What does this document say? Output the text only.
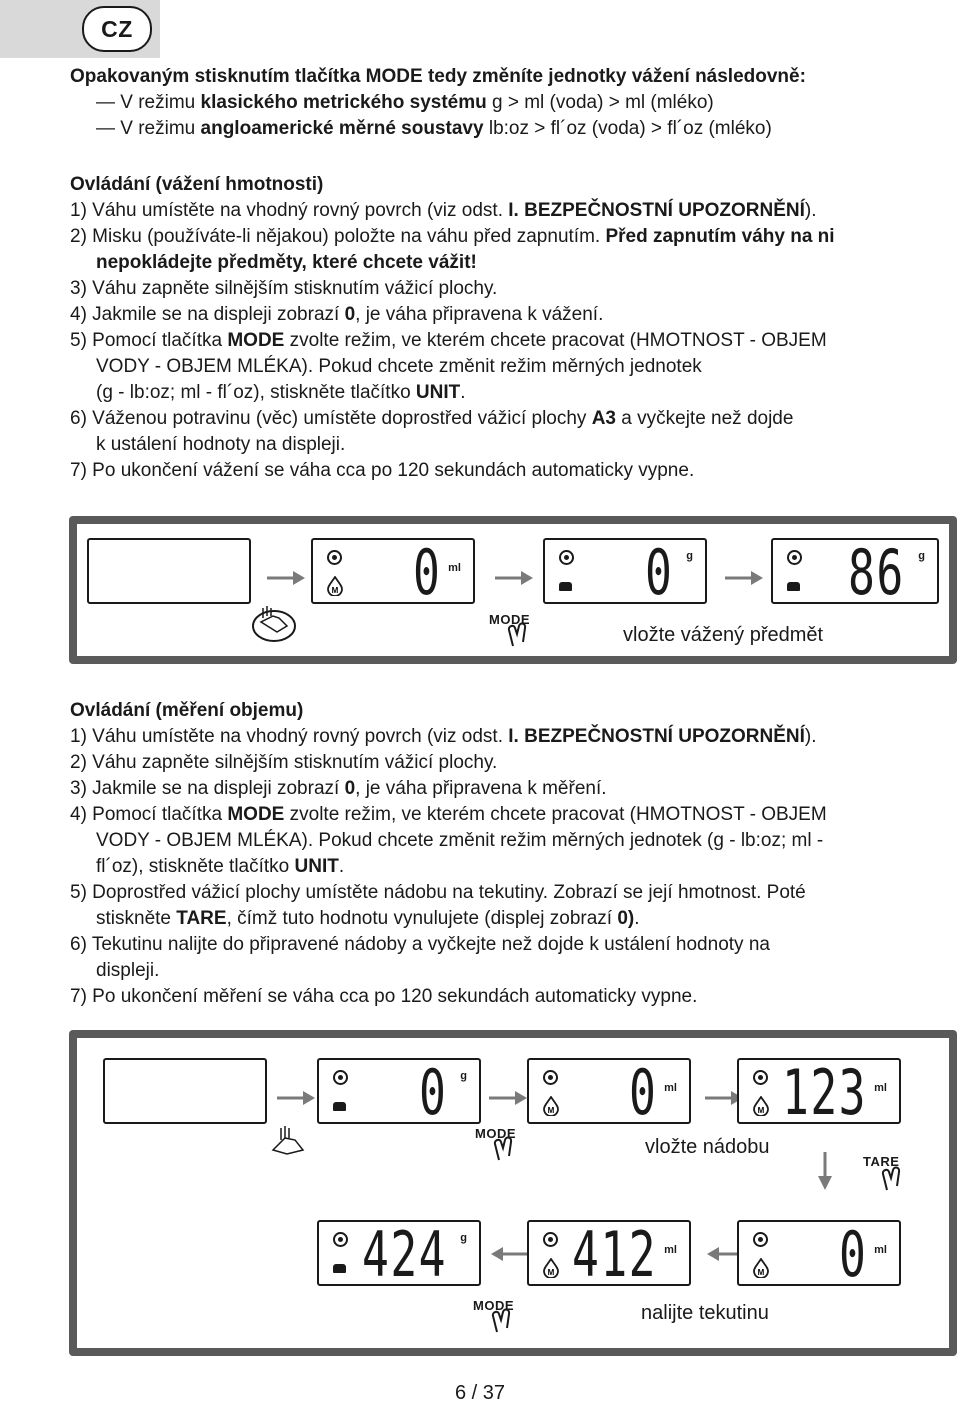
CZ

Opakovaným stisknutím tlačítka MODE tedy změníte jednotky vážení následovně:

— V režimu klasického metrického systému g > ml (voda) > ml (mléko)

— V režimu angloamerické měrné soustavy lb:oz > fl´oz (voda) > fl´oz (mléko)

Ovládání (vážení hmotnosti)

1) Váhu umístěte na vhodný rovný povrch (viz odst. I. BEZPEČNOSTNÍ UPOZORNĚNÍ).

2) Misku (používáte-li nějakou) položte na váhu před zapnutím. Před zapnutím váhy na ni

nepokládejte předměty, které chcete vážit!

3) Váhu zapněte silnějším stisknutím vážicí plochy.

4) Jakmile se na displeji zobrazí 0, je váha připravena k vážení.

5) Pomocí tlačítka MODE zvolte režim, ve kterém chcete pracovat (HMOTNOST - OBJEM

VODY - OBJEM MLÉKA). Pokud chcete změnit režim měrných jednotek

(g - lb:oz; ml - fl´oz), stiskněte tlačítko UNIT.

6) Váženou potravinu (věc) umístěte doprostřed vážicí plochy A3 a vyčkejte než dojde

k ustálení hodnoty na displeji.

7) Po ukončení vážení se váha cca po 120 sekundách automaticky vypne.

M 0 ml
MODE
0 g	86 g
vložte vážený předmět

Ovládání (měření objemu)

1) Váhu umístěte na vhodný rovný povrch (viz odst. I. BEZPEČNOSTNÍ UPOZORNĚNÍ).

2) Váhu zapněte silnějším stisknutím vážicí plochy.

3) Jakmile se na displeji zobrazí 0, je váha připravena k měření.

4) Pomocí tlačítka MODE zvolte režim, ve kterém chcete pracovat (HMOTNOST - OBJEM

VODY - OBJEM MLÉKA). Pokud chcete změnit režim měrných jednotek (g - lb:oz; ml -

fl´oz), stiskněte tlačítko UNIT.

5) Doprostřed vážicí plochy umístěte nádobu na tekutiny. Zobrazí se její hmotnost. Poté

stiskněte TARE, čímž tuto hodnotu vynulujete (displej zobrazí 0).

6) Tekutinu nalijte do připravené nádoby a vyčkejte než dojde k ustálení hodnoty na

displeji.

7) Po ukončení měření se váha cca po 120 sekundách automaticky vypne.

0 g
MODE
M 0 ml
M 123 ml
vložte nádobu
TARE
424 g
MODE
M 412 ml
M 0 ml
nalijte tekutinu
6 / 37
